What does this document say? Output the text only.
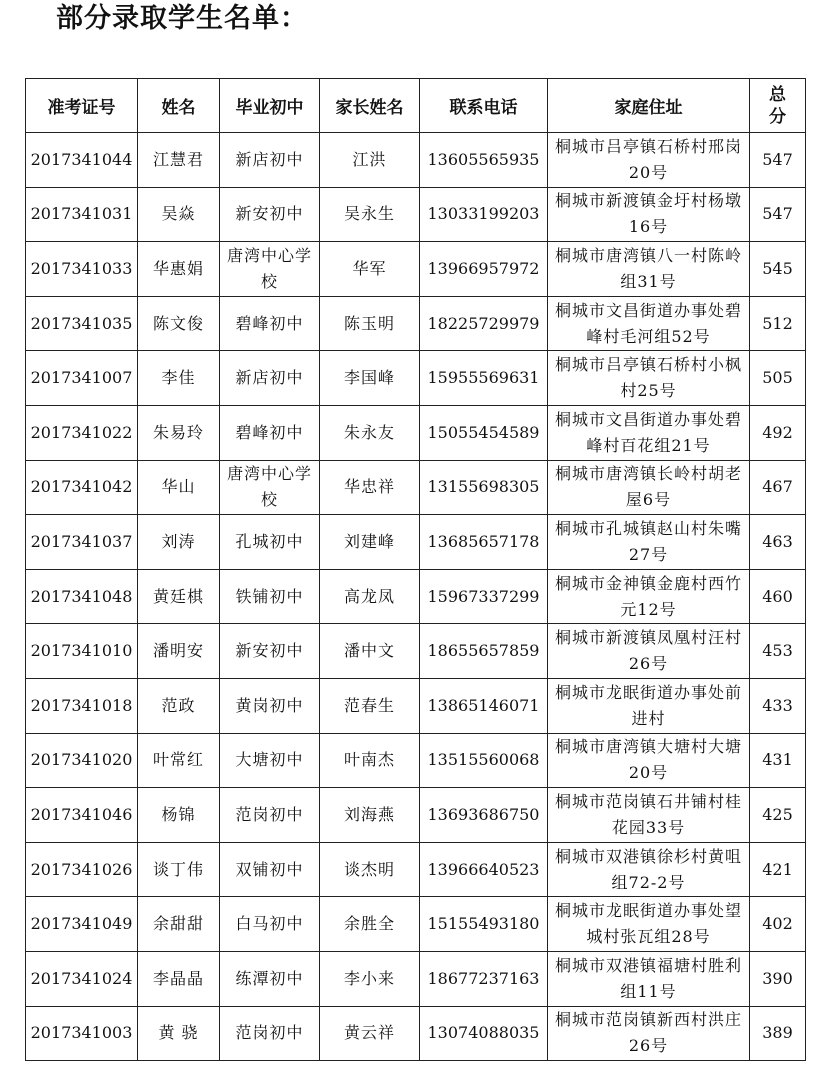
部分录取学生名单：
准考证号	姓名	毕业初中	家长姓名	联系电话	家庭住址	总
分

2017341044	江慧君	新店初中	江洪	13605565935	桐城市吕亭镇石桥村邢岗20号	547
2017341031	吴焱	新安初中	吴永生	13033199203	桐城市新渡镇金圩村杨墩16号	547
2017341033	华惠娟	唐湾中心学校	华军	13966957972	桐城市唐湾镇八一村陈岭组31号	545
2017341035	陈文俊	碧峰初中	陈玉明	18225729979	桐城市文昌街道办事处碧峰村毛河组52号	512
2017341007	李佳	新店初中	李国峰	15955569631	桐城市吕亭镇石桥村小枫村25号	505
2017341022	朱易玲	碧峰初中	朱永友	15055454589	桐城市文昌街道办事处碧峰村百花组21号	492
2017341042	华山	唐湾中心学校	华忠祥	13155698305	桐城市唐湾镇长岭村胡老屋6号	467
2017341037	刘涛	孔城初中	刘建峰	13685657178	桐城市孔城镇赵山村朱嘴27号	463
2017341048	黄廷棋	铁铺初中	高龙凤	15967337299	桐城市金神镇金鹿村西竹元12号	460
2017341010	潘明安	新安初中	潘中文	18655657859	桐城市新渡镇凤凰村汪村26号	453
2017341018	范政	黄岗初中	范春生	13865146071	桐城市龙眠街道办事处前进村	433
2017341020	叶常红	大塘初中	叶南杰	13515560068	桐城市唐湾镇大塘村大塘20号	431
2017341046	杨锦	范岗初中	刘海燕	13693686750	桐城市范岗镇石井铺村桂花园33号	425
2017341026	谈丁伟	双铺初中	谈杰明	13966640523	桐城市双港镇徐杉村黄咀组72-2号	421
2017341049	余甜甜	白马初中	余胜全	15155493180	桐城市龙眠街道办事处望城村张瓦组28号	402
2017341024	李晶晶	练潭初中	李小来	18677237163	桐城市双港镇福塘村胜利组11号	390
2017341003	黄 骁	范岗初中	黄云祥	13074088035	桐城市范岗镇新西村洪庄26号	389
